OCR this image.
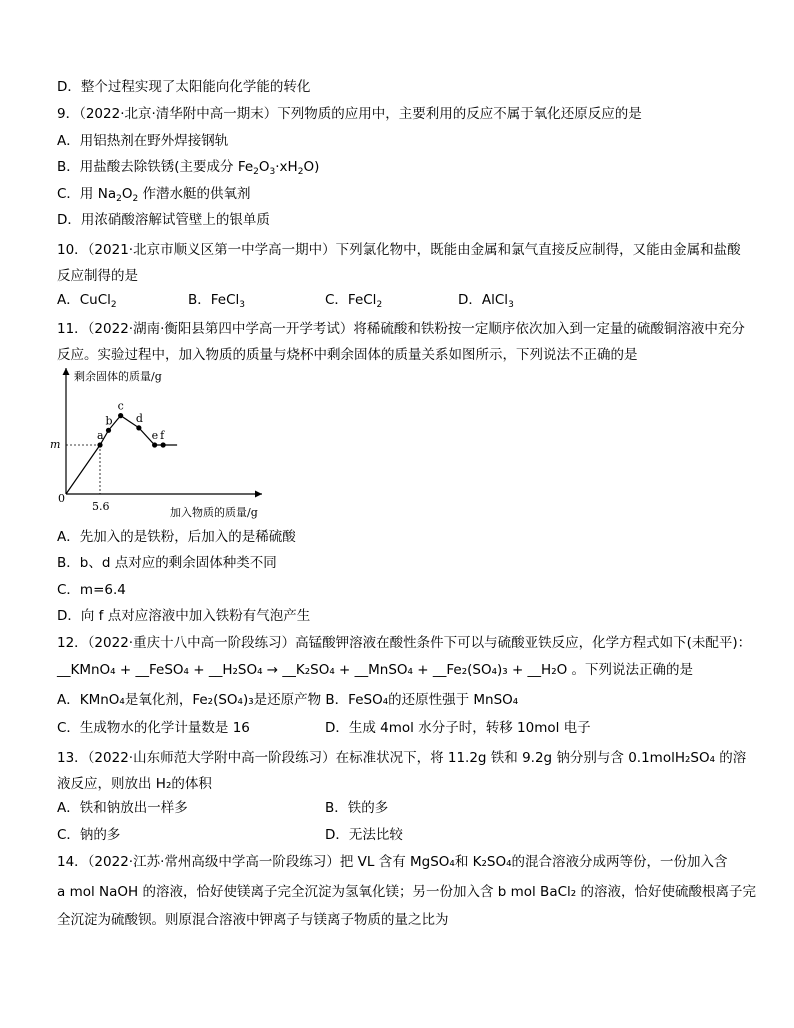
D．整个过程实现了太阳能向化学能的转化
9．（2022·北京·清华附中高一期末）下列物质的应用中，主要利用的反应不属于氧化还原反应的是
A．用铝热剂在野外焊接钢轨
B．用盐酸去除铁锈(主要成分 $Fe_2O_3\cdot xH_2O$)
C．用 $Na_2O_2$ 作潜水艇的供氧剂
D．用浓硝酸溶解试管壁上的银单质
10．（2021·北京市顺义区第一中学高一期中）下列氯化物中，既能由金属和氯气直接反应制得，又能由金属和盐酸反应制得的是
A．CuCl$_2$	B．FeCl$_3$	C．FeCl$_2$	D．AlCl$_3$
11．（2022·湖南·衡阳县第四中学高一开学考试）将稀硫酸和铁粉按一定顺序依次加入到一定量的硫酸铜溶液中充分反应。实验过程中，加入物质的质量与烧杯中剩余固体的质量关系如图所示，下列说法不正确的是
剩余固体的质量/g
加入物质的质量/g
0
5.6
m
a
b
c
d
e f
A．先加入的是铁粉，后加入的是稀硫酸
B．b、d 点对应的剩余固体种类不同
C．m=6.4
D．向 f 点对应溶液中加入铁粉有气泡产生
12．（2022·重庆十八中高一阶段练习）高锰酸钾溶液在酸性条件下可以与硫酸亚铁反应，化学方程式如下(未配平)：
__KMnO₄ + __FeSO₄ + __H₂SO₄ → __K₂SO₄ + __MnSO₄ + __Fe₂(SO₄)₃ + __H₂O 。下列说法正确的是
A．KMnO₄是氧化剂，Fe₂(SO₄)₃是还原产物 B．FeSO₄的还原性强于 MnSO₄
C．生成物水的化学计量数是 16	D．生成 4mol 水分子时，转移 10mol 电子
13．（2022·山东师范大学附中高一阶段练习）在标准状况下，将 11.2g 铁和 9.2g 钠分别与含 0.1molH₂SO₄ 的溶液反应，则放出 H₂的体积
A．铁和钠放出一样多	B．铁的多
C．钠的多	D．无法比较
14．（2022·江苏·常州高级中学高一阶段练习）把 VL 含有 MgSO₄和 K₂SO₄的混合溶液分成两等份，一份加入含
a mol NaOH 的溶液，恰好使镁离子完全沉淀为氢氧化镁；另一份加入含 b mol BaCl₂ 的溶液，恰好使硫酸根离子完
全沉淀为硫酸钡。则原混合溶液中钾离子与镁离子物质的量之比为
